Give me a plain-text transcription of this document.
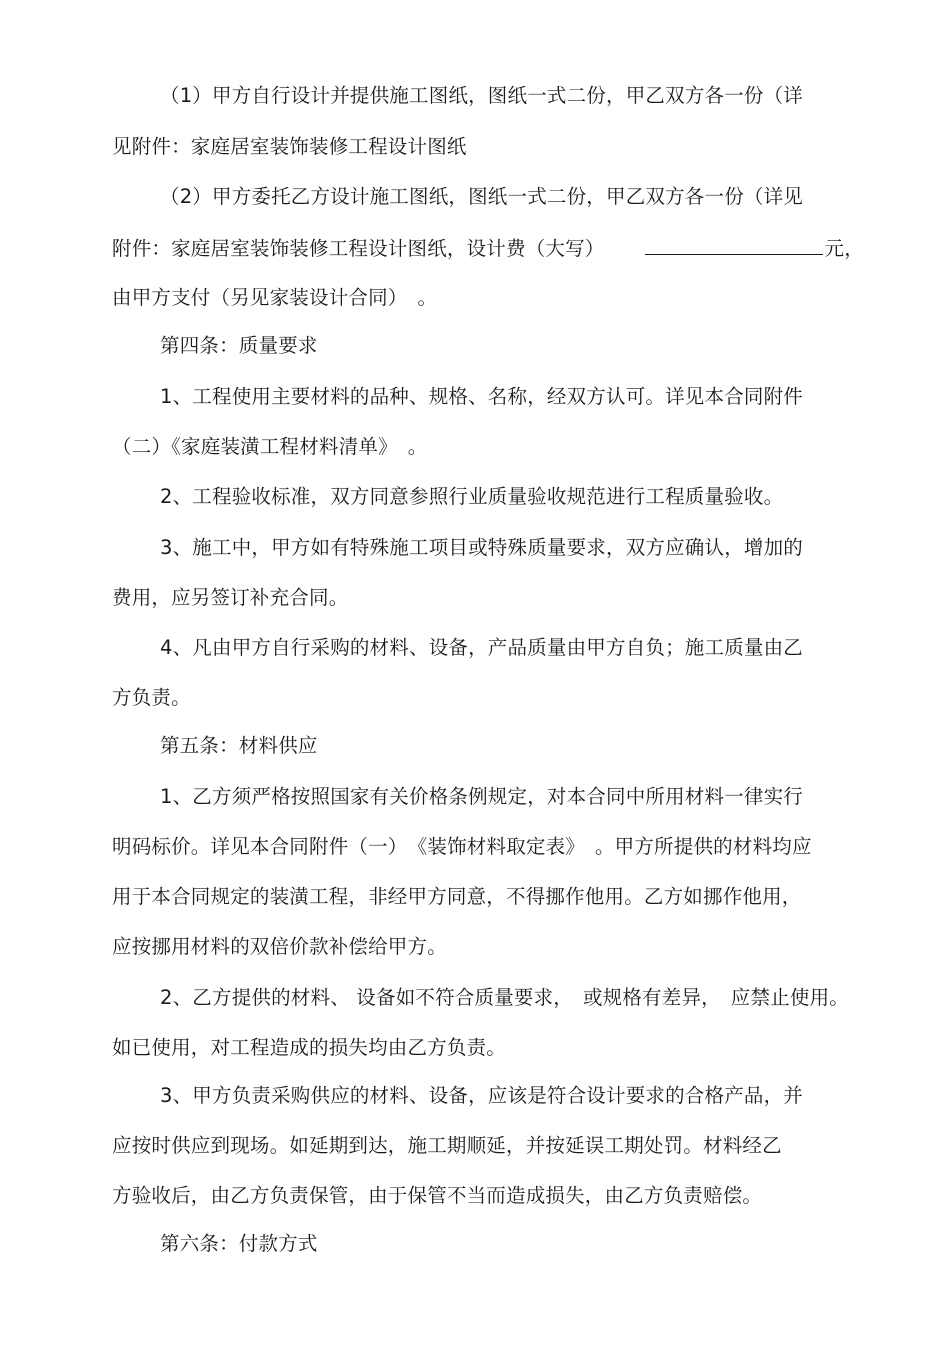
（1）甲方自行设计并提供施工图纸，图纸一式二份，甲乙双方各一份（详
见附件：家庭居室装饰装修工程设计图纸
（2）甲方委托乙方设计施工图纸，图纸一式二份，甲乙双方各一份（详见
附件：家庭居室装饰装修工程设计图纸，设计费（大写）	元，
由甲方支付（另见家装设计合同）　。
第四条：质量要求
1、工程使用主要材料的品种、规格、名称，经双方认可。详见本合同附件
（二）《家庭装潢工程材料清单》　。
2、工程验收标准，双方同意参照行业质量验收规范进行工程质量验收。
3、施工中，甲方如有特殊施工项目或特殊质量要求，双方应确认，增加的
费用，应另签订补充合同。
4、凡由甲方自行采购的材料、设备，产品质量由甲方自负；施工质量由乙
方负责。
第五条：材料供应
1、乙方须严格按照国家有关价格条例规定，对本合同中所用材料一律实行
明码标价。详见本合同附件（一）　《装饰材料取定表》　。甲方所提供的材料均应
用于本合同规定的装潢工程，非经甲方同意，不得挪作他用。乙方如挪作他用，
应按挪用材料的双倍价款补偿给甲方。
2、乙方提供的材料、 设备如不符合质量要求，　或规格有差异，　应禁止使用。
如已使用，对工程造成的损失均由乙方负责。
3、甲方负责采购供应的材料、设备，应该是符合设计要求的合格产品，并
应按时供应到现场。如延期到达，施工期顺延，并按延误工期处罚。材料经乙
方验收后，由乙方负责保管，由于保管不当而造成损失，由乙方负责赔偿。
第六条：付款方式
